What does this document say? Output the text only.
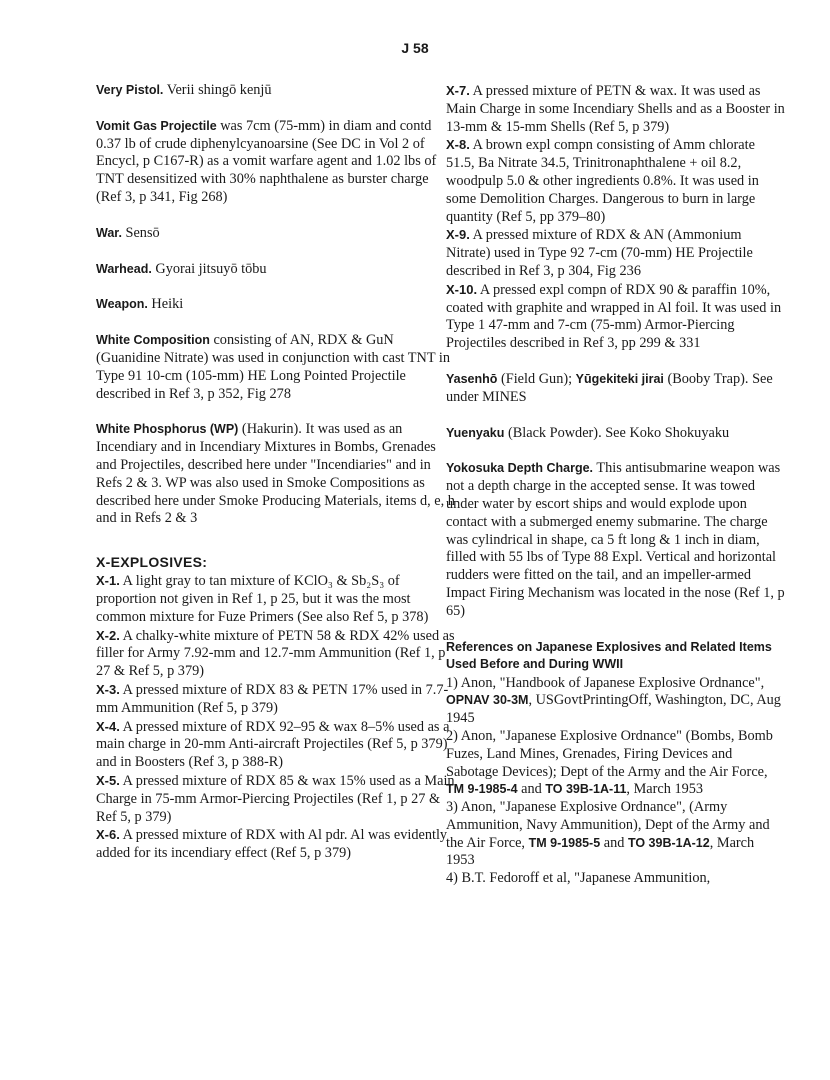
J 58

Very Pistol. Verii shingō kenjū

Vomit Gas Projectile was 7cm (75-mm) in diam and contd 0.37 lb of crude diphenylcyanoarsine (See DC in Vol 2 of Encycl, p C167-R) as a vomit warfare agent and 1.02 lbs of TNT desensitized with 30% naphthalene as burster charge (Ref 3, p 341, Fig 268)

War. Sensō

Warhead. Gyorai jitsuyō tōbu

Weapon. Heiki

White Composition consisting of AN, RDX & GuN (Guanidine Nitrate) was used in conjunction with cast TNT in Type 91 10-cm (105-mm) HE Long Pointed Projectile described in Ref 3, p 352, Fig 278

White Phosphorus (WP) (Hakurin). It was used as an Incendiary and in Incendiary Mixtures in Bombs, Grenades and Projectiles, described here under "Incendiaries" and in Refs 2 & 3. WP was also used in Smoke Compositions as described here under Smoke Producing Materials, items d, e, h and in Refs 2 & 3

X-EXPLOSIVES:

X-1. A light gray to tan mixture of KClO₃ & Sb₂S₃ of proportion not given in Ref 1, p 25, but it was the most common mixture for Fuze Primers (See also Ref 5, p 378)

X-2. A chalky-white mixture of PETN 58 & RDX 42% used as filler for Army 7.92-mm and 12.7-mm Ammunition (Ref 1, p 27 & Ref 5, p 379)

X-3. A pressed mixture of RDX 83 & PETN 17% used in 7.7-mm Ammunition (Ref 5, p 379)

X-4. A pressed mixture of RDX 92–95 & wax 8–5% used as a main charge in 20-mm Anti-aircraft Projectiles (Ref 5, p 379) and in Boosters (Ref 3, p 388-R)

X-5. A pressed mixture of RDX 85 & wax 15% used as a Main Charge in 75-mm Armor-Piercing Projectiles (Ref 1, p 27 & Ref 5, p 379)

X-6. A pressed mixture of RDX with Al pdr. Al was evidently added for its incendiary effect (Ref 5, p 379)

X-7. A pressed mixture of PETN & wax. It was used as Main Charge in some Incendiary Shells and as a Booster in 13-mm & 15-mm Shells (Ref 5, p 379)

X-8. A brown expl compn consisting of Amm chlorate 51.5, Ba Nitrate 34.5, Trinitronaphthalene + oil 8.2, woodpulp 5.0 & other ingredients 0.8%. It was used in some Demolition Charges. Dangerous to burn in large quantity (Ref 5, pp 379–80)

X-9. A pressed mixture of RDX & AN (Ammonium Nitrate) used in Type 92 7-cm (70-mm) HE Projectile described in Ref 3, p 304, Fig 236

X-10. A pressed expl compn of RDX 90 & paraffin 10%, coated with graphite and wrapped in Al foil. It was used in Type 1 47-mm and 7-cm (75-mm) Armor-Piercing Projectiles described in Ref 3, pp 299 & 331

Yasenhō (Field Gun); Yūgekiteki jirai (Booby Trap). See under MINES

Yuenyaku (Black Powder). See Koko Shokuyaku

Yokosuka Depth Charge. This antisubmarine weapon was not a depth charge in the accepted sense. It was towed under water by escort ships and would explode upon contact with a submerged enemy submarine. The charge was cylindrical in shape, ca 5 ft long & 1 inch in diam, filled with 55 lbs of Type 88 Expl. Vertical and horizontal rudders were fitted on the tail, and an impeller-armed Impact Firing Mechanism was located in the nose (Ref 1, p 65)

References on Japanese Explosives and Related Items Used Before and During WWII

1) Anon, "Handbook of Japanese Explosive Ordnance", OPNAV 30-3M, USGovtPrintingOff, Washington, DC, Aug 1945

2) Anon, "Japanese Explosive Ordnance" (Bombs, Bomb Fuzes, Land Mines, Grenades, Firing Devices and Sabotage Devices); Dept of the Army and the Air Force, TM 9-1985-4 and TO 39B-1A-11, March 1953

3) Anon, "Japanese Explosive Ordnance", (Army Ammunition, Navy Ammunition), Dept of the Army and the Air Force, TM 9-1985-5 and TO 39B-1A-12, March 1953

4) B.T. Fedoroff et al, "Japanese Ammunition,
